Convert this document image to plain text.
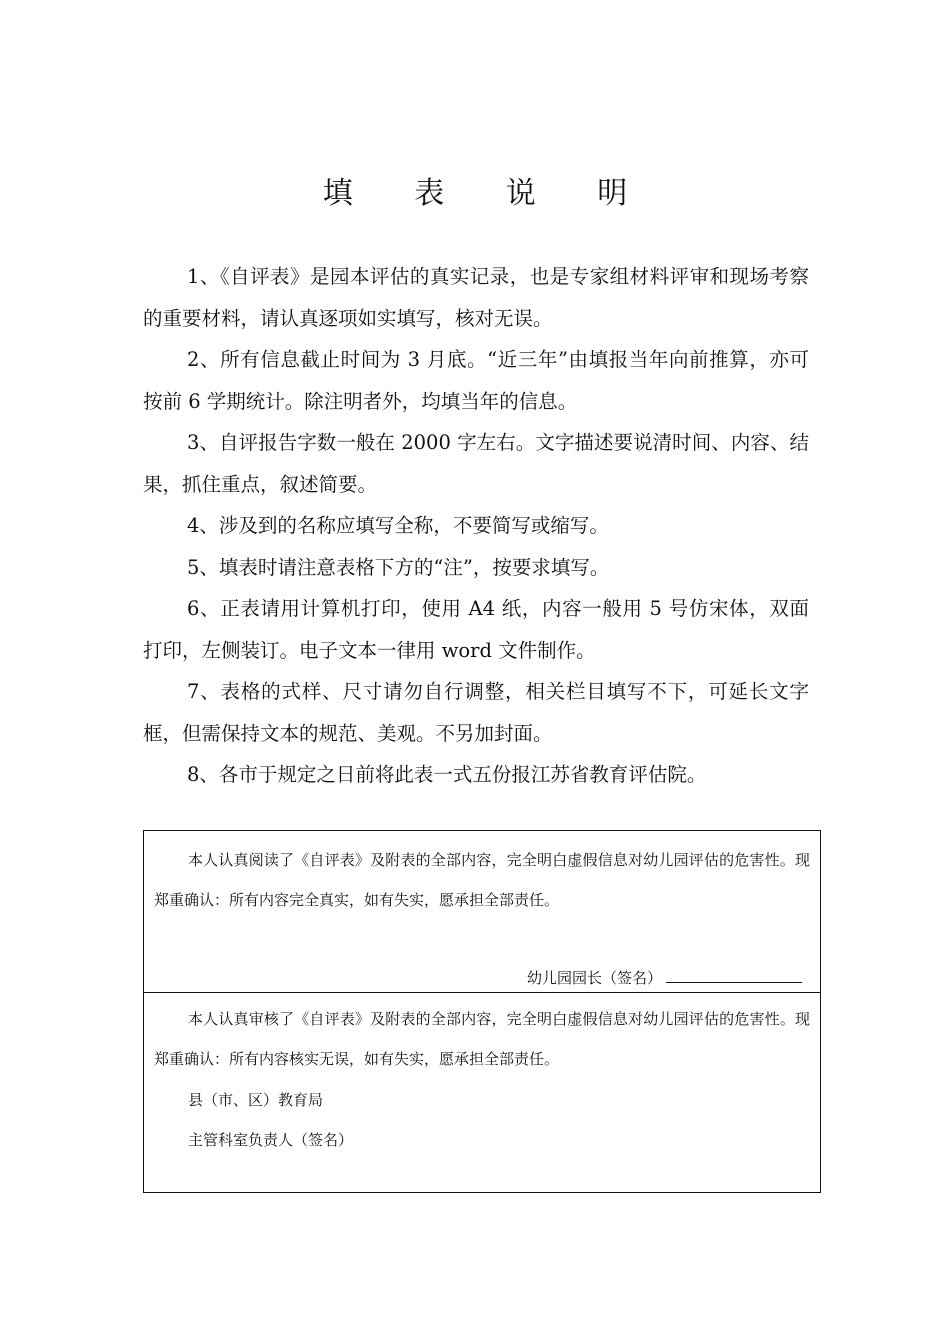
填 表 说 明

1、《自评表》是园本评估的真实记录，也是专家组材料评审和现场考察的重要材料，请认真逐项如实填写，核对无误。

2、所有信息截止时间为 3 月底。“近三年”由填报当年向前推算，亦可按前 6 学期统计。除注明者外，均填当年的信息。

3、自评报告字数一般在 2000 字左右。文字描述要说清时间、内容、结果，抓住重点，叙述简要。

4、涉及到的名称应填写全称，不要简写或缩写。

5、填表时请注意表格下方的“注”，按要求填写。

6、正表请用计算机打印，使用 A4 纸，内容一般用 5 号仿宋体，双面打印，左侧装订。电子文本一律用 word 文件制作。

7、表格的式样、尺寸请勿自行调整，相关栏目填写不下，可延长文字框，但需保持文本的规范、美观。不另加封面。

8、各市于规定之日前将此表一式五份报江苏省教育评估院。

本人认真阅读了《自评表》及附表的全部内容，完全明白虚假信息对幼儿园评估的危害性。现郑重确认：所有内容完全真实，如有失实，愿承担全部责任。

幼儿园园长（签名）

本人认真审核了《自评表》及附表的全部内容，完全明白虚假信息对幼儿园评估的危害性。现郑重确认：所有内容核实无误，如有失实，愿承担全部责任。

县（市、区）教育局
主管科室负责人（签名）
